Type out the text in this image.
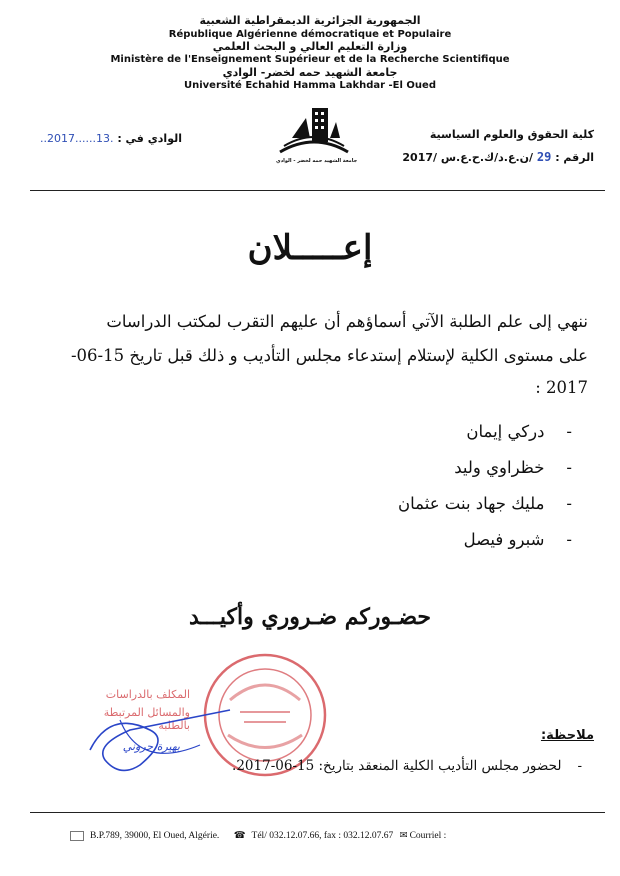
الجمهورية الجزائرية الديمقراطية الشعبية
République Algérienne démocratique et Populaire
وزارة التعليم العالي و البحث العلمي
Ministère de l'Enseignement Supérieur et de la Recherche Scientifique
جامعة الشهيد حمه لخضر- الوادي
Université Echahid Hamma Lakhdar -El Oued
جامعة الشهيد حمه لخضر - الوادي
كلية الحقوق والعلوم السياسية
الرقم : 29 /ن.ع.د/ك.ح.ع.س /2017
الوادي في : ..2017......13.
إعـــــلان
ننهي إلى علم الطلبة الآتي أسماؤهم أن عليهم التقرب لمكتب الدراسات
على مستوى الكلية لإستلام إستدعاء مجلس التأديب و ذلك قبل تاريخ 15-06-
2017 :
-دركي إيمان
-خظراوي وليد
-مليك جهاد بنت عثمان
-شبرو فيصل
حضـوركم ضـروري وأكيـــد
المكلف بالدراسات
والمسائل المرتبطة بالطلبة
بهيرة حروني
ملاحظة:
-لحضور مجلس التأديب الكلية المنعقد بتاريخ: 15-06-2017.
B.P.789, 39000, El Oued, Algérie. ☎ Tél/ 032.12.07.66, fax : 032.12.07.67 ✉ Courriel :
